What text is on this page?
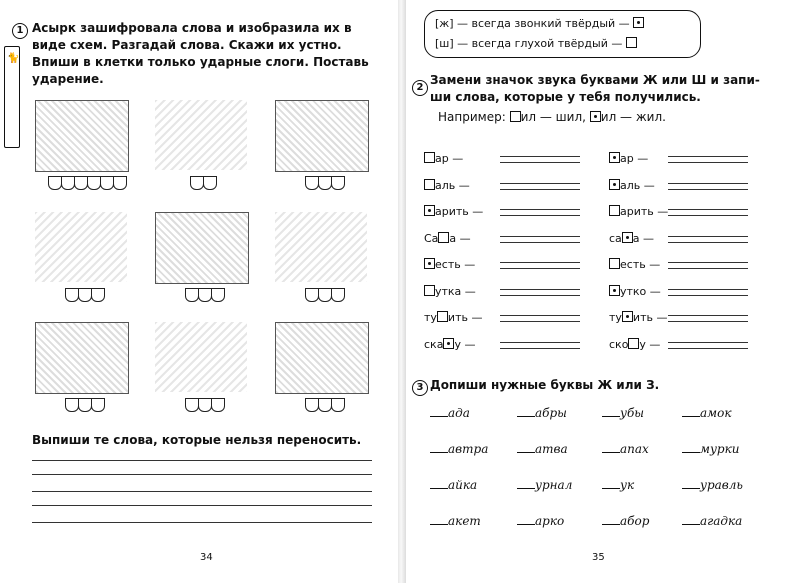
🐈
1 Асырк зашифровала слова и изобразила их в
виде схем. Разгадай слова. Скажи их устно.
Впиши в клетки только ударные слоги. Поставь
ударение.
Выпиши те слова, которые нельзя переносить.
34
[ж] — всегда звонкий твёрдый —
[ш] — всегда глухой твёрдый —
2
Замени значок звука буквами Ж или Ш и запи-
ши слова, которые у тебя получились.
Например: ил — шил, ил — жил.
ар —
аль —
арить —
Са а —
есть —
утка —
ту ить —
ска у —
ар —
аль —
арить —
са а —
есть —
утко —
ту ить —
ско у —
3 Допиши нужные буквы Ж или З.
ада	абры	убы	амок
автра	атва	апах	мурки
айка	урнал	ук	уравль
акет	арко	абор	агадка
35
